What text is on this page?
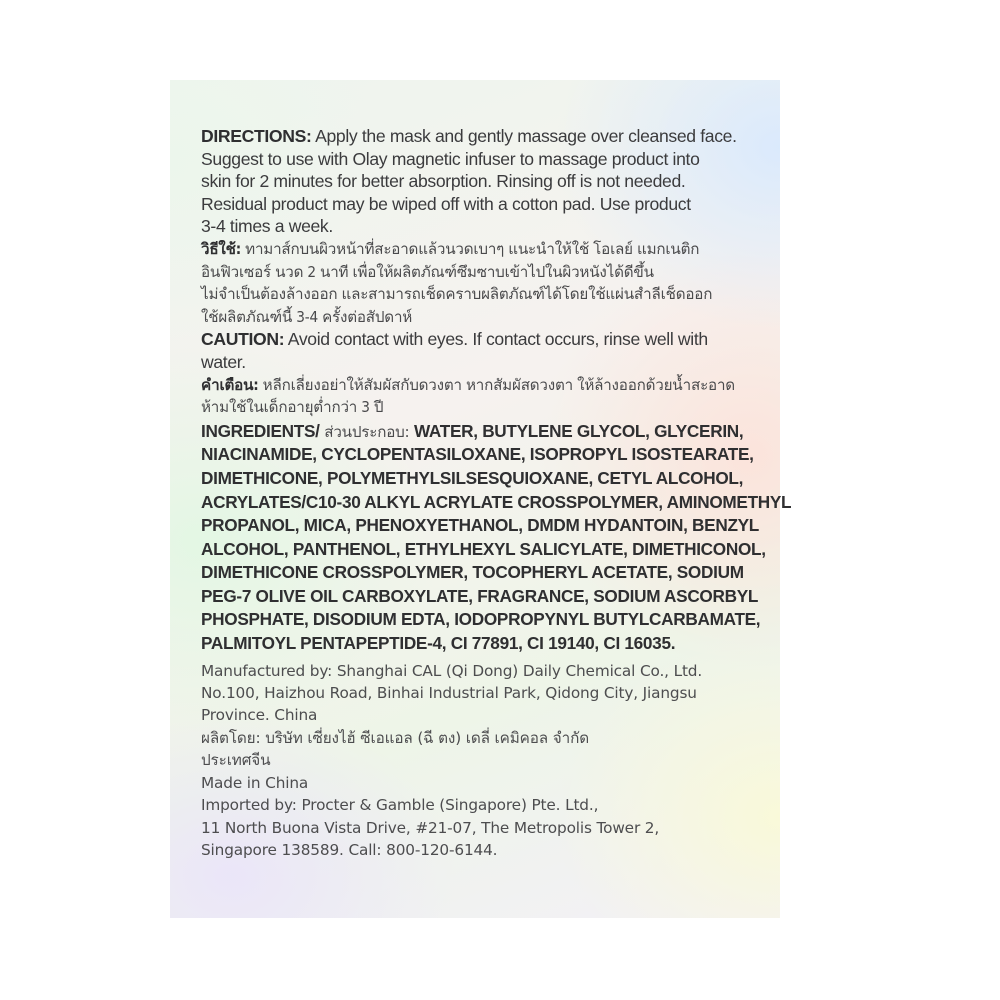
DIRECTIONS: Apply the mask and gently massage over cleansed face.
Suggest to use with Olay magnetic infuser to massage product into
skin for 2 minutes for better absorption. Rinsing off is not needed.
Residual product may be wiped off with a cotton pad. Use product
3-4 times a week.

วิธีใช้: ทามาส์กบนผิวหน้าที่สะอาดแล้วนวดเบาๆ แนะนำให้ใช้ โอเลย์ แมกเนติก
อินฟิวเซอร์ นวด 2 นาที เพื่อให้ผลิตภัณฑ์ซึมซาบเข้าไปในผิวหนังได้ดีขึ้น
ไม่จำเป็นต้องล้างออก และสามารถเช็ดคราบผลิตภัณฑ์ได้โดยใช้แผ่นสำลีเช็ดออก
ใช้ผลิตภัณฑ์นี้ 3-4 ครั้งต่อสัปดาห์

CAUTION: Avoid contact with eyes. If contact occurs, rinse well with
water.

คำเตือน: หลีกเลี่ยงอย่าให้สัมผัสกับดวงตา หากสัมผัสดวงตา ให้ล้างออกด้วยน้ำสะอาด
ห้ามใช้ในเด็กอายุต่ำกว่า 3 ปี

INGREDIENTS/ ส่วนประกอบ: WATER, BUTYLENE GLYCOL, GLYCERIN,
NIACINAMIDE, CYCLOPENTASILOXANE, ISOPROPYL ISOSTEARATE,
DIMETHICONE, POLYMETHYLSILSESQUIOXANE, CETYL ALCOHOL,
ACRYLATES/C10-30 ALKYL ACRYLATE CROSSPOLYMER, AMINOMETHYL
PROPANOL, MICA, PHENOXYETHANOL, DMDM HYDANTOIN, BENZYL
ALCOHOL, PANTHENOL, ETHYLHEXYL SALICYLATE, DIMETHICONOL,
DIMETHICONE CROSSPOLYMER, TOCOPHERYL ACETATE, SODIUM
PEG-7 OLIVE OIL CARBOXYLATE, FRAGRANCE, SODIUM ASCORBYL
PHOSPHATE, DISODIUM EDTA, IODOPROPYNYL BUTYLCARBAMATE,
PALMITOYL PENTAPEPTIDE-4, CI 77891, CI 19140, CI 16035.

Manufactured by: Shanghai CAL (Qi Dong) Daily Chemical Co., Ltd.
No.100, Haizhou Road, Binhai Industrial Park, Qidong City, Jiangsu
Province. China

ผลิตโดย: บริษัท เซี่ยงไฮ้ ซีเอแอล (ฉี ตง) เดลี่ เคมิคอล จำกัด
ประเทศจีน

Made in China

Imported by: Procter & Gamble (Singapore) Pte. Ltd.,
11 North Buona Vista Drive, #21-07, The Metropolis Tower 2,
Singapore 138589. Call: 800-120-6144.
